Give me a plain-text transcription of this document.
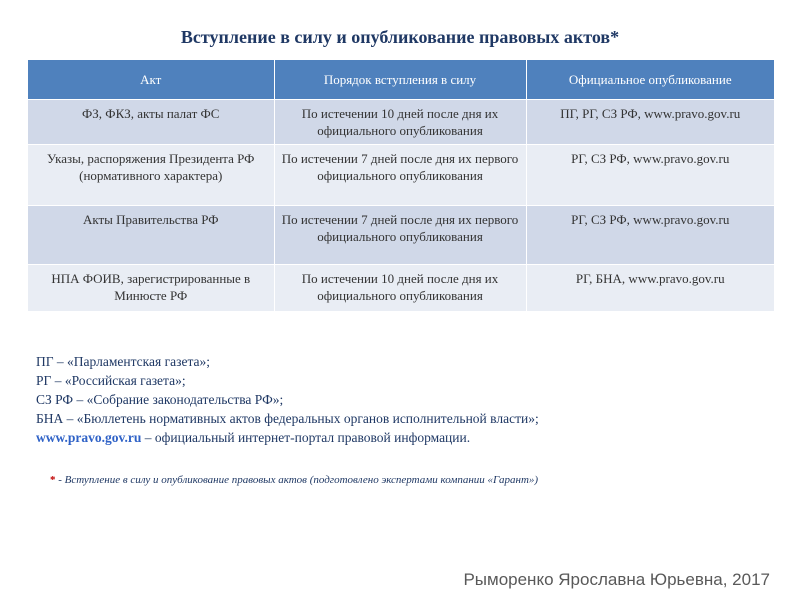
Вступление в силу и опубликование правовых актов*
Акт	Порядок вступления в силу	Официальное опубликование
ФЗ, ФКЗ, акты палат ФС	По истечении 10 дней после дня их официального опубликования	ПГ, РГ, СЗ РФ, www.pravo.gov.ru
Указы, распоряжения Президента РФ (нормативного характера)	По истечении 7 дней после дня их первого официального опубликования	РГ, СЗ РФ, www.pravo.gov.ru
Акты Правительства РФ	По истечении 7 дней после дня их первого официального опубликования	РГ, СЗ РФ, www.pravo.gov.ru
НПА ФОИВ, зарегистрированные в Минюсте РФ	По истечении 10 дней после дня их официального опубликования	РГ, БНА, www.pravo.gov.ru
ПГ – «Парламентская газета»;
РГ – «Российская газета»;
СЗ РФ – «Собрание законодательства РФ»;
БНА – «Бюллетень нормативных актов федеральных органов исполнительной власти»;
www.pravo.gov.ru – официальный интернет-портал правовой информации.
* - Вступление в силу и опубликование правовых актов (подготовлено экспертами компании «Гарант»)
Рыморенко Ярославна Юрьевна, 2017
